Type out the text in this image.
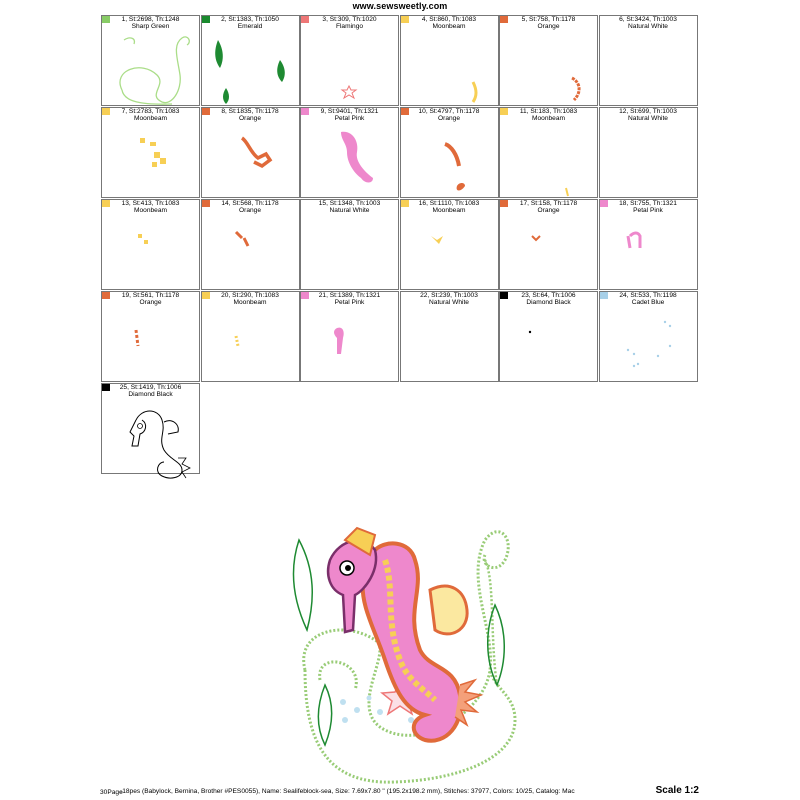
www.sewsweetly.com
1, St:2698, Th:1248
Sharp Green
2, St:1383, Th:1050
Emerald
3, St:309, Th:1020
Flamingo
4, St:860, Th:1083
Moonbeam
5, St:758, Th:1178
Orange
6, St:3424, Th:1003
Natural White
7, St:2783, Th:1083
Moonbeam
8, St:1835, Th:1178
Orange
9, St:9401, Th:1321
Petal Pink
10, St:4797, Th:1178
Orange
11, St:183, Th:1083
Moonbeam
12, St:699, Th:1003
Natural White
13, St:413, Th:1083
Moonbeam
14, St:568, Th:1178
Orange
15, St:1348, Th:1003
Natural White
16, St:1110, Th:1083
Moonbeam
17, St:158, Th:1178
Orange
18, St:755, Th:1321
Petal Pink
19, St:561, Th:1178
Orange
20, St:290, Th:1083
Moonbeam
21, St:1389, Th:1321
Petal Pink
22, St:239, Th:1003
Natural White
23, St:64, Th:1006
Diamond Black
24, St:533, Th:1198
Cadet Blue
25, St:1419, Th:1006
Diamond Black
30Page
-18pes (Babylock, Bernina, Brother #PES0055), Name: Sealifeblock-sea, Size: 7.69x7.80 " (195.2x198.2 mm), Stitches: 37977, Colors: 10/25, Catalog: Mac	Scale 1:2
